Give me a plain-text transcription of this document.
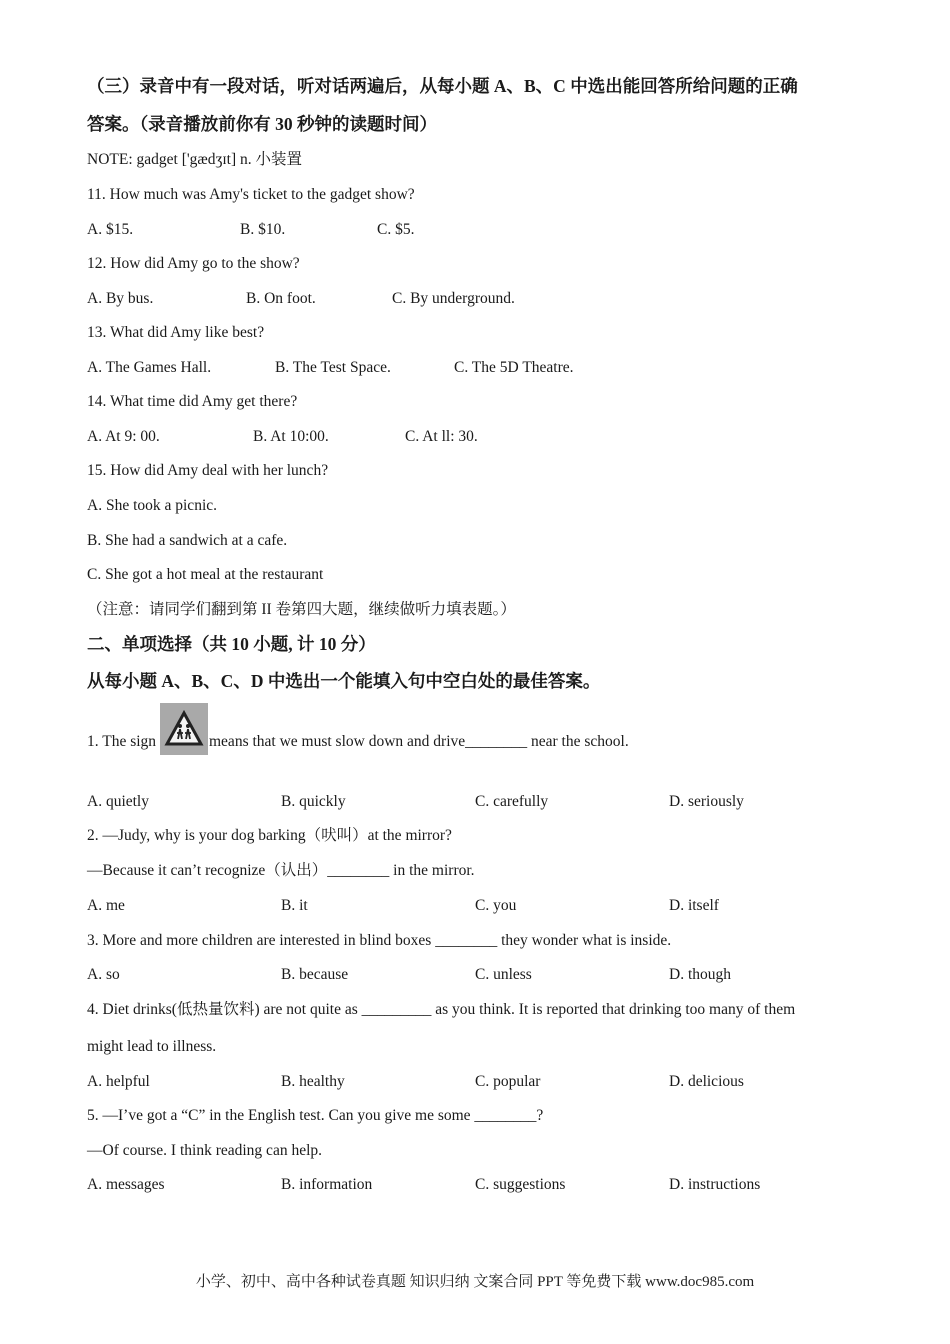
（三）录音中有一段对话，听对话两遍后，从每小题 A、B、C 中选出能回答所给问题的正确
答案。（录音播放前你有 30 秒钟的读题时间）
NOTE: gadget ['gædʒɪt] n. 小装置
11. How much was Amy's ticket to the gadget show?
A. $15.	B. $10.	C. $5.
12. How did Amy go to the show?
A. By bus.	B. On foot.	C. By underground.
13. What did Amy like best?
A. The Games Hall.	B. The Test Space.	C. The 5D Theatre.
14. What time did Amy get there?
A. At 9: 00.	B. At 10:00.	C. At ll: 30.
15. How did Amy deal with her lunch?
A. She took a picnic.
B. She had a sandwich at a cafe.
C. She got a hot meal at the restaurant
（注意：请同学们翻到第 II 卷第四大题，继续做听力填表题。）
二、单项选择（共 10 小题, 计 10 分）
从每小题 A、B、C、D 中选出一个能填入句中空白处的最佳答案。
1. The sign	means that we must slow down and drive________ near the school.
A. quietly	B. quickly	C. carefully	D. seriously
2. —Judy, why is your dog barking（吠叫）at the mirror?
—Because it can’t recognize（认出）________ in the mirror.
A. me	B. it	C. you	D. itself
3. More and more children are interested in blind boxes ________ they wonder what is inside.
A. so	B. because	C. unless	D. though
4. Diet drinks(低热量饮料) are not quite as _________ as you think. It is reported that drinking too many of them
might lead to illness.
A. helpful	B. healthy	C. popular	D. delicious
5. —I’ve got a “C” in the English test. Can you give me some ________?
—Of course. I think reading can help.
A. messages	B. information	C. suggestions	D. instructions
小学、初中、高中各种试卷真题 知识归纳 文案合同 PPT 等免费下载 www.doc985.com
